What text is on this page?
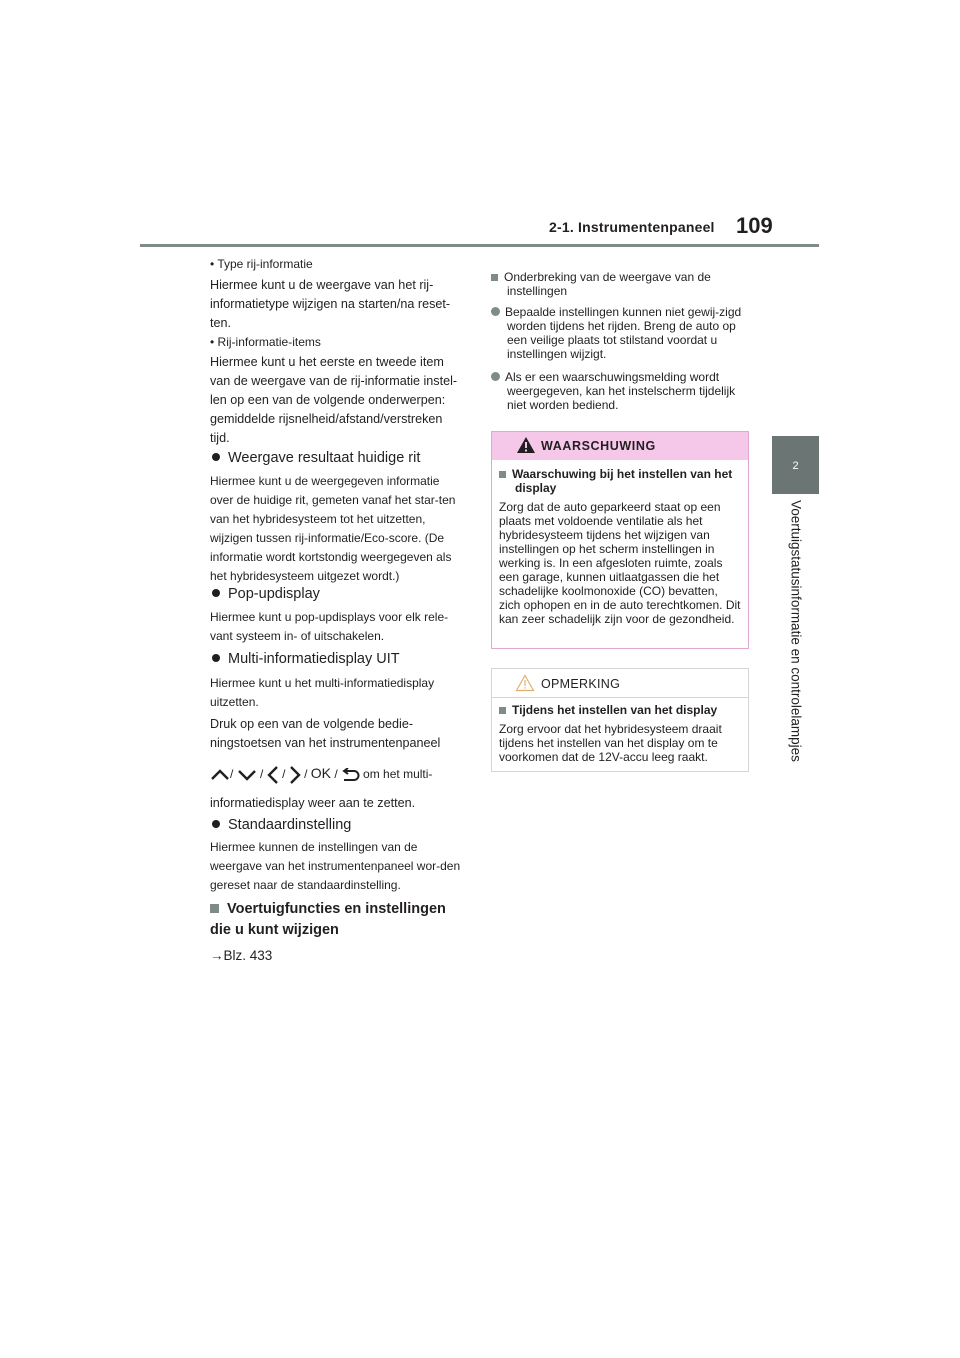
2-1. Instrumentenpaneel 109
2
Voertuigstatusinformatie en controlelampjes
• Type rij-informatie
Hiermee kunt u de weergave van het rij-informatietype wijzigen na starten/na reset-ten.
• Rij-informatie-items
Hiermee kunt u het eerste en tweede item van de weergave van de rij-informatie instel-len op een van de volgende onderwerpen: gemiddelde rijsnelheid/afstand/verstreken tijd.
Weergave resultaat huidige rit
Hiermee kunt u de weergegeven informatie over de huidige rit, gemeten vanaf het star-ten van het hybridesysteem tot het uitzetten, wijzigen tussen rij-informatie/Eco-score. (De informatie wordt kortstondig weergegeven als het hybridesysteem uitgezet wordt.)
Pop-updisplay
Hiermee kunt u pop-updisplays voor elk rele-vant systeem in- of uitschakelen.
Multi-informatiedisplay UIT
Hiermee kunt u het multi-informatiedisplay uitzetten.
Druk op een van de volgende bedie-ningstoetsen van het instrumentenpaneel
/ / / / OK / om het multi-
informatiedisplay weer aan te zetten.
Standaardinstelling
Hiermee kunnen de instellingen van de weergave van het instrumentenpaneel wor-den gereset naar de standaardinstelling.
Voertuigfuncties en instellingen die u kunt wijzigen
→Blz. 433
Onderbreking van de weergave van de instellingen
Bepaalde instellingen kunnen niet gewij-zigd worden tijdens het rijden. Breng de auto op een veilige plaats tot stilstand voordat u instellingen wijzigt.
Als er een waarschuwingsmelding wordt weergegeven, kan het instelscherm tijdelijk niet worden bediend.
WAARSCHUWING
Waarschuwing bij het instellen van het display
Zorg dat de auto geparkeerd staat op een plaats met voldoende ventilatie als het hybridesysteem tijdens het wijzigen van instellingen op het scherm instellingen in werking is. In een afgesloten ruimte, zoals een garage, kunnen uitlaatgassen die het schadelijke koolmonoxide (CO) bevatten, zich ophopen en in de auto terechtkomen. Dit kan zeer schadelijk zijn voor de gezondheid.
OPMERKING
Tijdens het instellen van het display
Zorg ervoor dat het hybridesysteem draait tijdens het instellen van het display om te voorkomen dat de 12V-accu leeg raakt.
